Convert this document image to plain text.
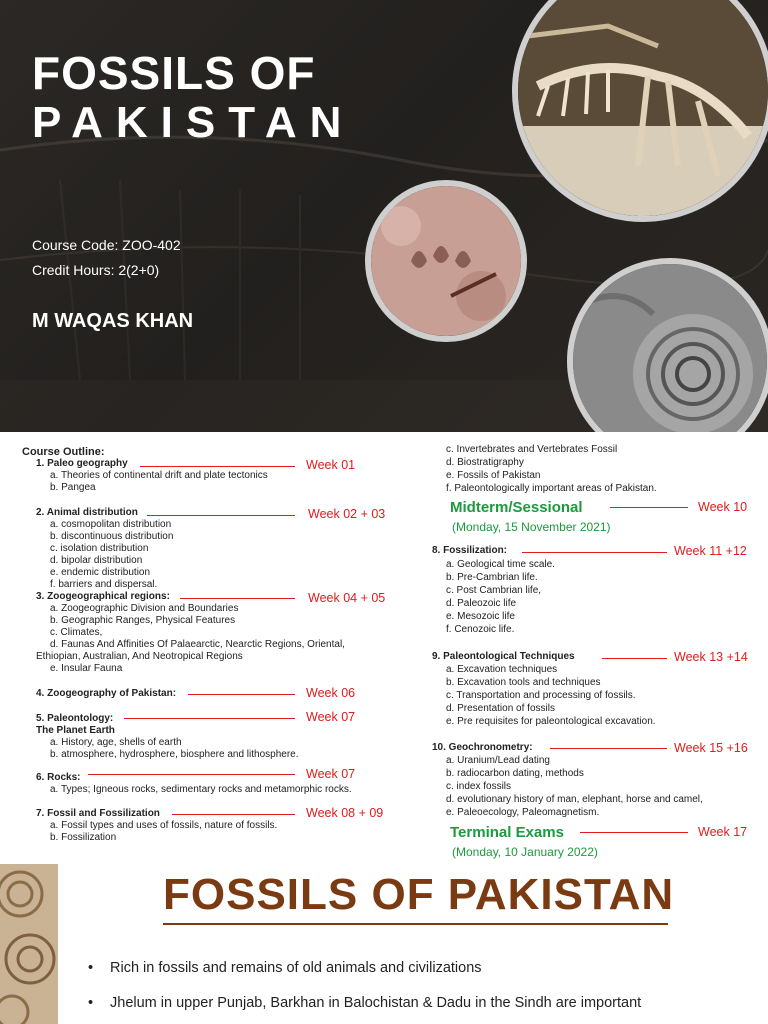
FOSSILS OF
PAKISTAN
Course Code: ZOO-402
Credit Hours: 2(2+0)
M WAQAS KHAN
Course Outline:
1. Paleo geography
a. Theories of continental drift and plate tectonics
b. Pangea
2. Animal distribution
a. cosmopolitan distribution
b. discontinuous distribution
c. isolation distribution
d. bipolar distribution
e. endemic distribution
f. barriers and dispersal.
3. Zoogeographical regions:
a. Zoogeographic Division and Boundaries
b. Geographic Ranges, Physical Features
c. Climates,
d. Faunas And Affinities Of Palaearctic, Nearctic Regions, Oriental,
Ethiopian, Australian, And Neotropical Regions
e. Insular Fauna
4. Zoogeography of Pakistan:
5. Paleontology:
The Planet Earth
a. History, age, shells of earth
b. atmosphere, hydrosphere, biosphere and lithosphere.
6. Rocks:
a. Types; Igneous rocks, sedimentary rocks and metamorphic rocks.
7. Fossil and Fossilization
a. Fossil types and uses of fossils, nature of fossils.
b. Fossilization
c. Invertebrates and Vertebrates Fossil
d. Biostratigraphy
e. Fossils of Pakistan
f. Paleontologically important areas of Pakistan.
8. Fossilization:
a. Geological time scale.
b. Pre-Cambrian life.
c. Post Cambrian life,
d. Paleozoic life
e. Mesozoic life
f. Cenozoic life.
9. Paleontological Techniques
a. Excavation techniques
b. Excavation tools and techniques
c. Transportation and processing of fossils.
d. Presentation of fossils
e. Pre requisites for paleontological excavation.
10. Geochronometry:
a. Uranium/Lead dating
b. radiocarbon dating, methods
c. index fossils
d. evolutionary history of man, elephant, horse and camel,
e. Paleoecology, Paleomagnetism.
Midterm/Sessional
(Monday, 15 November 2021)
Terminal Exams
(Monday, 10 January 2022)
Week 01
Week 02 + 03
Week 04 + 05
Week 06
Week 07
Week 07
Week 08 + 09
Week 10
Week 11 +12
Week 13 +14
Week 15 +16
Week 17
FOSSILS OF PAKISTAN
• Rich in fossils and remains of old animals and civilizations
• Jhelum in upper Punjab, Barkhan in Balochistan & Dadu in the Sindh are important
